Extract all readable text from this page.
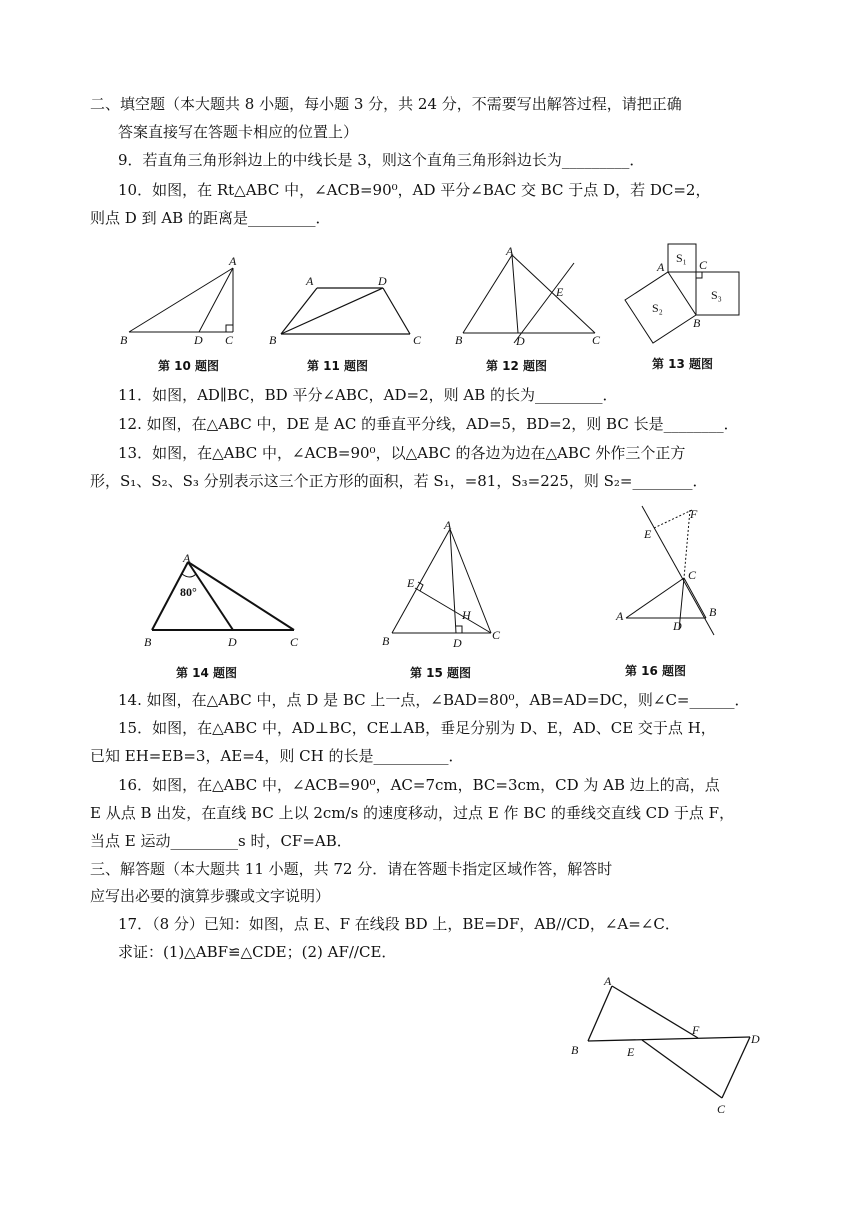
二、填空题（本大题共 8 小题，每小题 3 分，共 24 分，不需要写出解答过程，请把正确
答案直接写在答题卡相应的位置上）
9．若直角三角形斜边上的中线长是 3，则这个直角三角形斜边长为_________．
10．如图，在 Rt△ABC 中，∠ACB=90⁰，AD 平分∠BAC 交 BC 于点 D，若 DC=2，
则点 D 到 AB 的距离是_________．
A
B	D C
第 10 题图
A	D
B	C
第 11 题图
A
E
B	D	C
第 12 题图
S₁
A	C
S₂
S₃
B
第 13 题图
11．如图，AD∥BC，BD 平分∠ABC，AD=2，则 AB 的长为_________．
12. 如图，在△ABC 中，DE 是 AC 的垂直平分线，AD=5，BD=2，则 BC 长是________．
13．如图，在△ABC 中，∠ACB=90⁰，以△ABC 的各边为边在△ABC 外作三个正方
形，S₁、S₂、S₃ 分别表示这三个正方形的面积，若 S₁，=81，S₃=225，则 S₂=________．
A
80°
B	D	C
第 14 题图
A
E
H
B	D
C
第 15 题图
F
E
C
A	B
D
第 16 题图
14. 如图，在△ABC 中，点 D 是 BC 上一点，∠BAD=80⁰，AB=AD=DC，则∠C=______．
15．如图，在△ABC 中，AD⊥BC，CE⊥AB，垂足分别为 D、E，AD、CE 交于点 H，
已知 EH=EB=3，AE=4，则 CH 的长是__________．
16．如图，在△ABC 中，∠ACB=90⁰，AC=7cm，BC=3cm，CD 为 AB 边上的高，点
E 从点 B 出发，在直线 BC 上以 2cm/s 的速度移动，过点 E 作 BC 的垂线交直线 CD 于点 F，
当点 E 运动_________s 时，CF=AB．
三、解答题（本大题共 11 小题，共 72 分．请在答题卡指定区域作答，解答时
应写出必要的演算步骤或文字说明）
17．（8 分）已知：如图，点 E、F 在线段 BD 上，BE=DF，AB//CD，∠A=∠C．
求证：(1)△ABF≌△CDE；(2) AF//CE．
A
F
D
B	E
C
